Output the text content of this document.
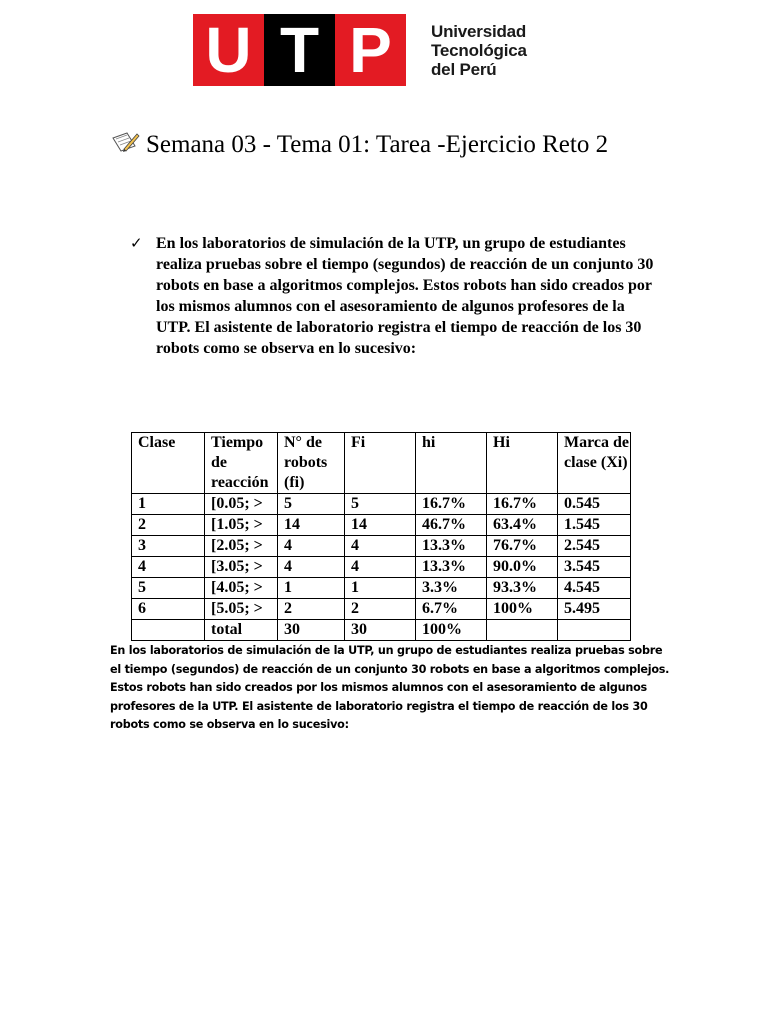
U T P	Universidad
Tecnológica
del Perú
Semana 03 - Tema 01: Tarea -Ejercicio Reto 2
✓ En los laboratorios de simulación de la UTP, un grupo de estudiantes realiza pruebas sobre el tiempo (segundos) de reacción de un conjunto 30 robots en base a algoritmos complejos. Estos robots han sido creados por los mismos alumnos con el asesoramiento de algunos profesores de la UTP. El asistente de laboratorio registra el tiempo de reacción de los 30 robots como se observa en lo sucesivo:
Clase	Tiempo de reacción	N° de robots (fi)	Fi	hi	Hi	Marca de clase (Xi)
1	[0.05; >	5	5	16.7%	16.7%	0.545
2	[1.05; >	14	14	46.7%	63.4%	1.545
3	[2.05; >	4	4	13.3%	76.7%	2.545
4	[3.05; >	4	4	13.3%	90.0%	3.545
5	[4.05; >	1	1	3.3%	93.3%	4.545
6	[5.05; >	2	2	6.7%	100%	5.495
	total	30	30	100%		
En los laboratorios de simulación de la UTP, un grupo de estudiantes realiza pruebas sobre el tiempo (segundos) de reacción de un conjunto 30 robots en base a algoritmos complejos. Estos robots han sido creados por los mismos alumnos con el asesoramiento de algunos profesores de la UTP. El asistente de laboratorio registra el tiempo de reacción de los 30 robots como se observa en lo sucesivo:
